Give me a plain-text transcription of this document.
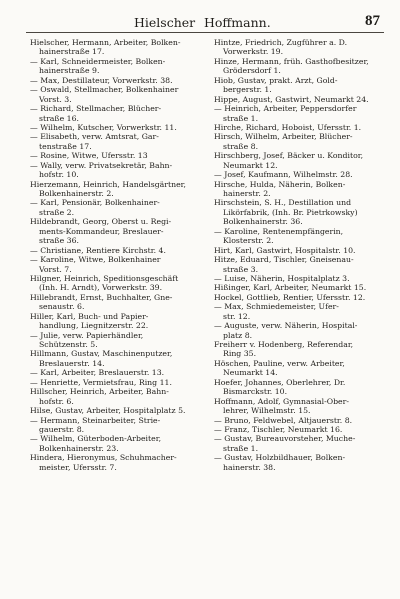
Hielscher Hoffmann.	87
Hielscher, Hermann, Arbeiter, Bolken-
hainerstraße 17.
— Karl, Schneidermeister, Bolken-
hainerstraße 9.
— Max, Destillateur, Vorwerkstr. 38.
— Oswald, Stellmacher, Bolkenhainer
Vorst. 3.
— Richard, Stellmacher, Blücher-
straße 16.
— Wilhelm, Kutscher, Vorwerkstr. 11.
— Elisabeth, verw. Amtsrat, Gar-
tenstraße 17.
— Rosine, Witwe, Ufersstr. 13
— Wally, verw. Privatsekretär, Bahn-
hofstr. 10.
Hierzemann, Heinrich, Handelsgärtner,
Bolkenhainerstr. 2.
— Karl, Pensionär, Bolkenhainer-
straße 2.
Hildebrandt, Georg, Oberst u. Regi-
ments-Kommandeur, Breslauer-
straße 36.
— Christiane, Rentiere Kirchstr. 4.
— Karoline, Witwe, Bolkenhainer
Vorst. 7.
Hilgner, Heinrich, Speditionsgeschäft
(Inh. H. Arndt), Vorwerkstr. 39.
Hillebrandt, Ernst, Buchhalter, Gne-
senaustr. 6.
Hiller, Karl, Buch- und Papier-
handlung, Liegnitzerstr. 22.
— Julie, verw. Papierhändler,
Schützenstr. 5.
Hillmann, Gustav, Maschinenputzer,
Breslauerstr. 14.
— Karl, Arbeiter, Breslauerstr. 13.
— Henriette, Vermietsfrau, Ring 11.
Hillscher, Heinrich, Arbeiter, Bahn-
hofstr. 6.
Hilse, Gustav, Arbeiter, Hospitalplatz 5.
— Hermann, Steinarbeiter, Strie-
gauerstr. 8.
— Wilhelm, Güterboden-Arbeiter,
Bolkenhainerstr. 23.
Hindera, Hieronymus, Schuhmacher-
meister, Ufersstr. 7.
Hintze, Friedrich, Zugführer a. D.
Vorwerkstr. 19.
Hinze, Hermann, früh. Gasthofbesitzer,
Grödersdorf 1.
Hiob, Gustav, prakt. Arzt, Gold-
bergerstr. 1.
Hippe, August, Gastwirt, Neumarkt 24.
— Heinrich, Arbeiter, Peppersdorfer
straße 1.
Hirche, Richard, Hoboist, Ufersstr. 1.
Hirsch, Wilhelm, Arbeiter, Blücher-
straße 8.
Hirschberg, Josef, Bäcker u. Konditor,
Neumarkt 12.
— Josef, Kaufmann, Wilhelmstr. 28.
Hirsche, Hulda, Näherin, Bolken-
hainerstr. 2.
Hirschstein, S. H., Destillation und
Likörfabrik, (Inh. Br. Pietrkowsky)
Bolkenhainerstr. 36.
— Karoline, Rentenempfängerin,
Klosterstr. 2.
Hirt, Karl, Gastwirt, Hospitalstr. 10.
Hitze, Eduard, Tischler, Gneisenau-
straße 3.
— Luise, Näherin, Hospitalplatz 3.
Hißinger, Karl, Arbeiter, Neumarkt 15.
Hockel, Gottlieb, Rentier, Ufersstr. 12.
— Max, Schmiedemeister, Ufer-
str. 12.
— Auguste, verw. Näherin, Hospital-
platz 8.
Freiherr v. Hodenberg, Referendar,
Ring 35.
Höschen, Pauline, verw. Arbeiter,
Neumarkt 14.
Hoefer, Johannes, Oberlehrer, Dr.
Bismarckstr. 10.
Hoffmann, Adolf, Gymnasial-Ober-
lehrer, Wilhelmstr. 15.
— Bruno, Feldwebel, Altjauerstr. 8.
— Franz, Tischler, Neumarkt 16.
— Gustav, Bureauvorsteher, Muche-
straße 1.
— Gustav, Holzbildhauer, Bolken-
hainerstr. 38.
